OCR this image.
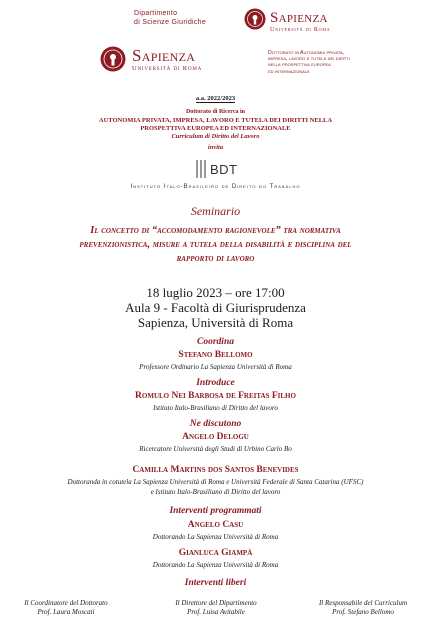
Dipartimento
di Scienze Giuridiche
Sapienza
Università di Roma
Sapienza
Università di Roma
Dottorato in Autonomia privata,
impresa, lavoro e tutela dei diritti
nella prospettiva europea
ed internazionale
a.a. 2022/2023
Dottorato di Ricerca in
AUTONOMIA PRIVATA, IMPRESA, LAVORO E TUTELA DEI DIRITTI NELLA
PROSPETTIVA EUROPEA ED INTERNAZIONALE
Curriculum di Diritto del Lavoro
invita
BDT
Instituto Italo-Brasileiro de Direito do Trabalho
Seminario
Il concetto di “accomodamento ragionevole” tra normativa
prevenzionistica, misure a tutela della disabilità e disciplina del
rapporto di lavoro
18 luglio 2023 – ore 17:00
Aula 9 - Facoltà di Giurisprudenza
Sapienza, Università di Roma
Coordina
Stefano Bellomo
Professore Ordinario La Sapienza Università di Roma
Introduce
Romulo Nei Barbosa de Freitas Filho
Istituto Italo-Brasiliano di Diritto del lavoro
Ne discutono
Angelo Delogu
Ricercatore Università degli Studi di Urbino Carlo Bo
Camilla Martins dos Santos Benevides
Dottoranda in cotutela La Sapienza Università di Roma e Università Federale di Santa Catarina (UFSC)
e Istituto Italo-Brasiliano di Diritto del lavoro
Interventi programmati
Angelo Casu
Dottorando La Sapienza Università di Roma
Gianluca Giampà
Dottorando La Sapienza Università di Roma
Interventi liberi
Il Coordinatore del Dottorato
Prof. Laura Moscati
Il Direttore del Dipartimento
Prof. Luisa Avitabile
Il Responsabile del Curriculum
Prof. Stefano Bellomo
